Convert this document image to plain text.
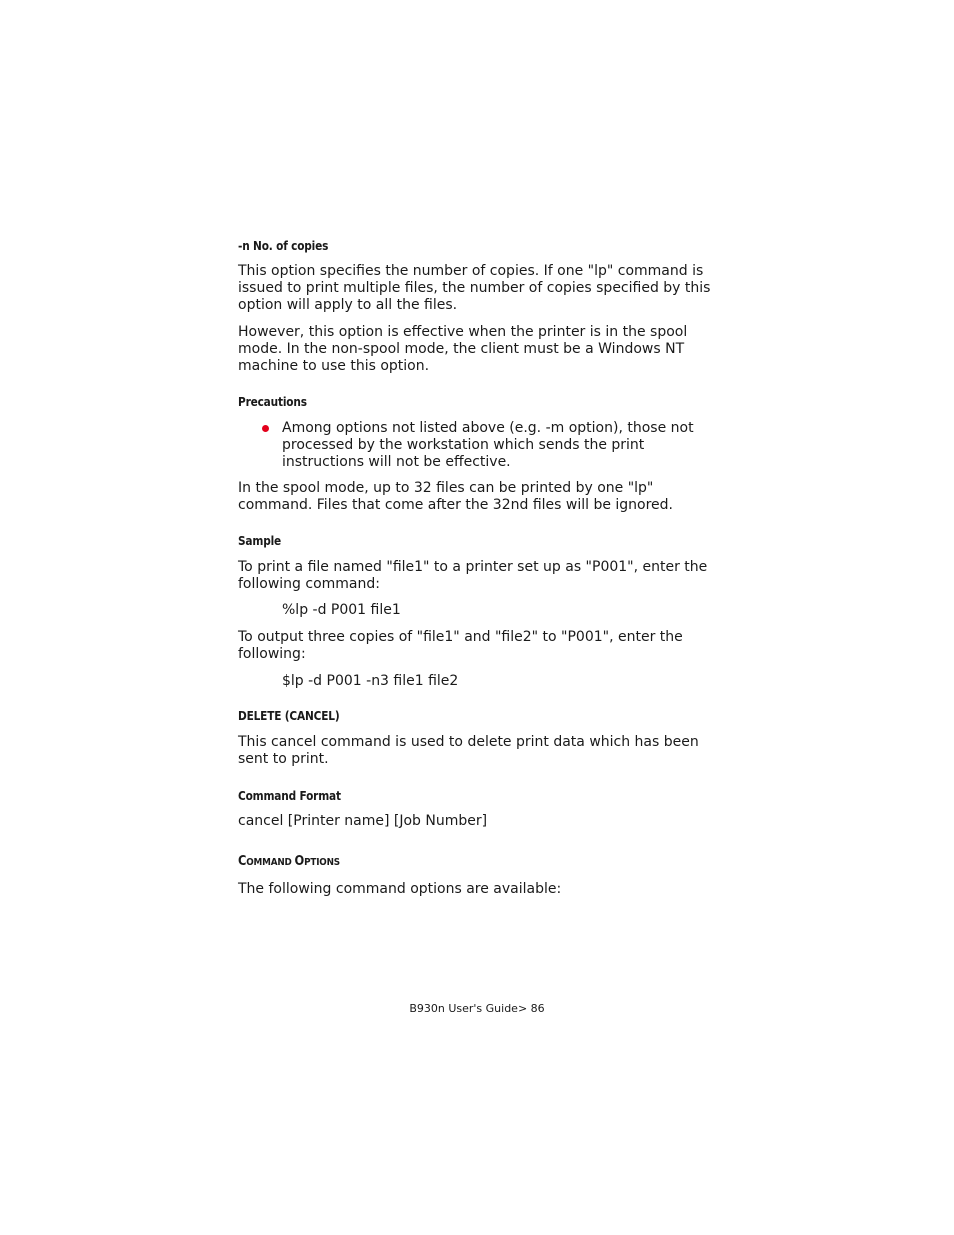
-n No. of copies

This option specifies the number of copies. If one "lp" command is issued to print multiple files, the number of copies specified by this option will apply to all the files.

However, this option is effective when the printer is in the spool mode. In the non-spool mode, the client must be a Windows NT machine to use this option.

Precautions

Among options not listed above (e.g. -m option), those not processed by the workstation which sends the print instructions will not be effective.

In the spool mode, up to 32 files can be printed by one "lp" command. Files that come after the 32nd files will be ignored.

Sample

To print a file named "file1" to a printer set up as "P001", enter the following command:

%lp -d P001 file1

To output three copies of "file1" and "file2" to "P001", enter the following:

$lp -d P001 -n3 file1 file2

DELETE (CANCEL)

This cancel command is used to delete print data which has been sent to print.

Command Format

cancel [Printer name] [Job Number]

COMMAND OPTIONS

The following command options are available:

B930n User's Guide> 86
